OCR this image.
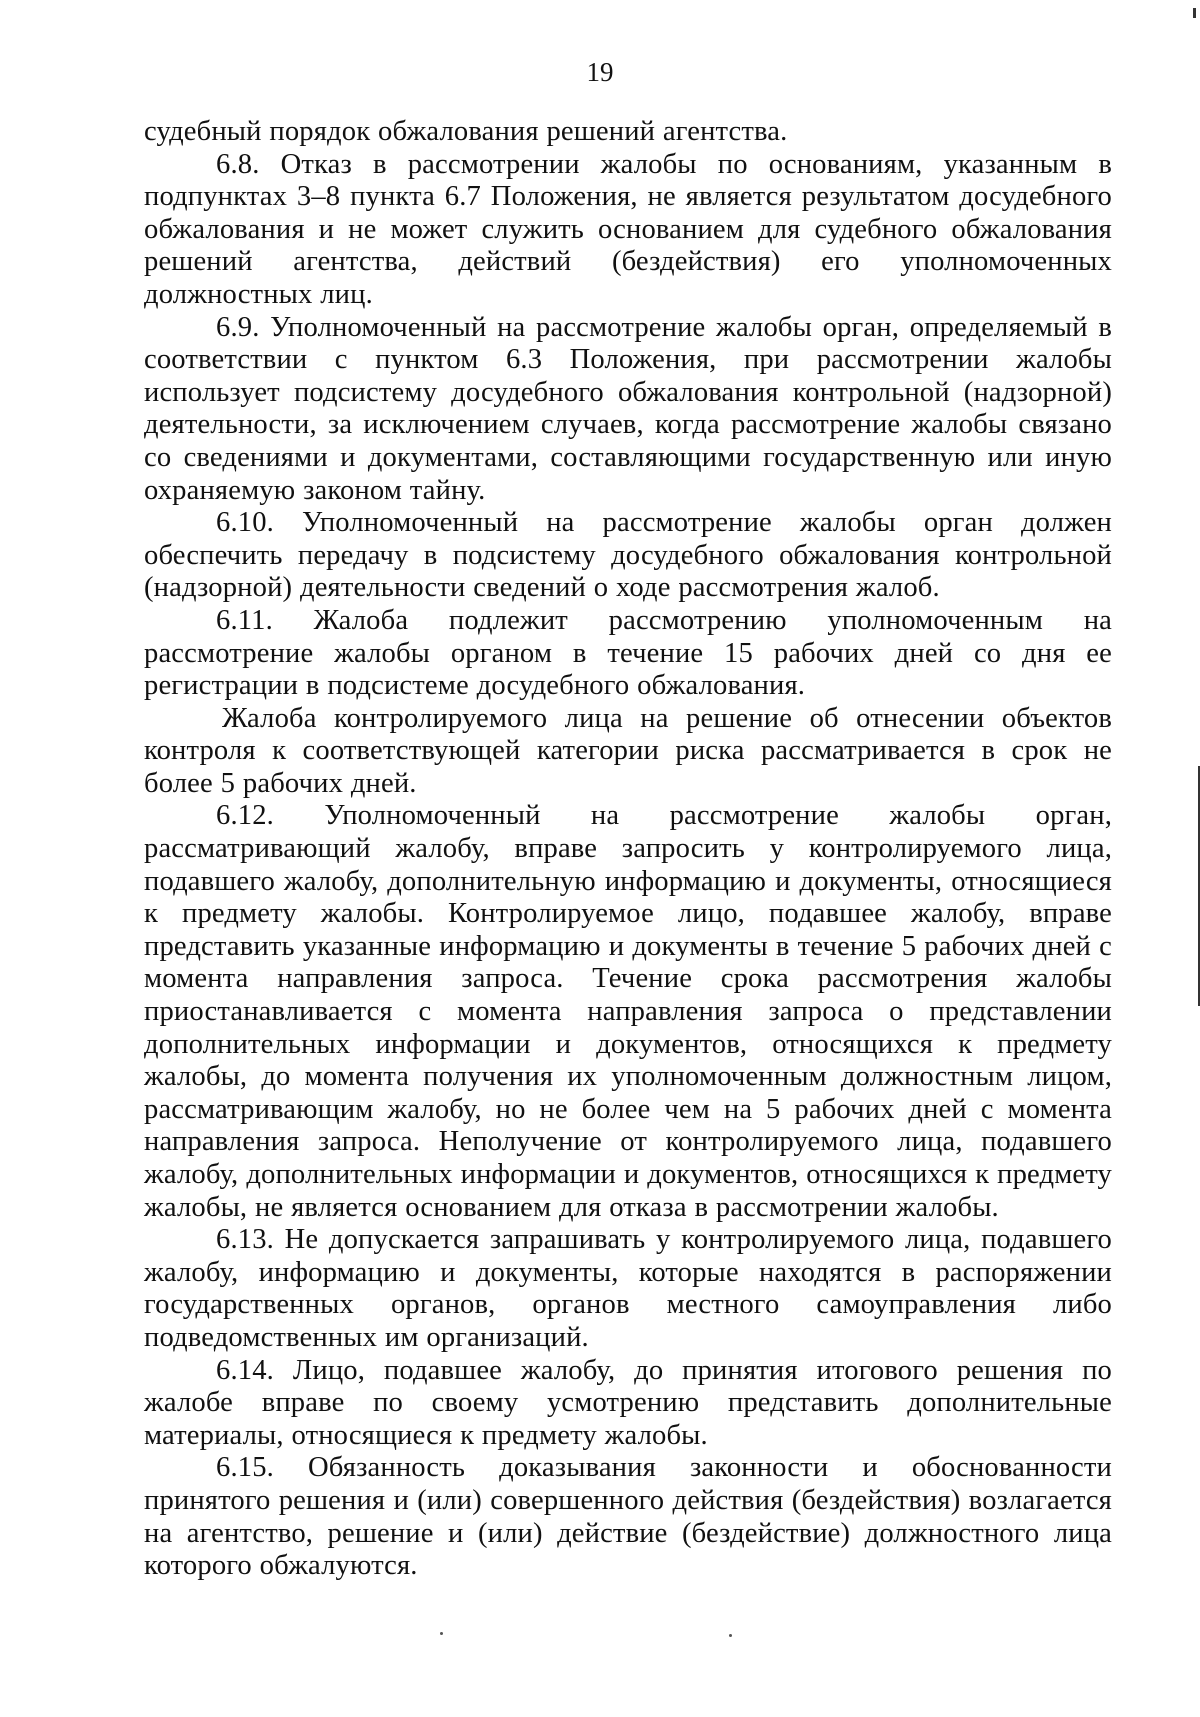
19

судебный порядок обжалования решений агентства.

6.8. Отказ в рассмотрении жалобы по основаниям, указанным в подпунктах 3–8 пункта 6.7 Положения, не является результатом досудебного обжалования и не может служить основанием для судебного обжалования решений агентства, действий (бездействия) его уполномоченных должностных лиц.

6.9. Уполномоченный на рассмотрение жалобы орган, определяемый в соответствии с пунктом 6.3 Положения, при рассмотрении жалобы использует подсистему досудебного обжалования контрольной (надзорной) деятельности, за исключением случаев, когда рассмотрение жалобы связано со сведениями и документами, составляющими государственную или иную охраняемую законом тайну.

6.10. Уполномоченный на рассмотрение жалобы орган должен обеспечить передачу в подсистему досудебного обжалования контрольной (надзорной) деятельности сведений о ходе рассмотрения жалоб.

6.11. Жалоба подлежит рассмотрению уполномоченным на рассмотрение жалобы органом в течение 15 рабочих дней со дня ее регистрации в подсистеме досудебного обжалования.

Жалоба контролируемого лица на решение об отнесении объектов контроля к соответствующей категории риска рассматривается в срок не более 5 рабочих дней.

6.12. Уполномоченный на рассмотрение жалобы орган, рассматривающий жалобу, вправе запросить у контролируемого лица, подавшего жалобу, дополнительную информацию и документы, относящиеся к предмету жалобы. Контролируемое лицо, подавшее жалобу, вправе представить указанные информацию и документы в течение 5 рабочих дней с момента направления запроса. Течение срока рассмотрения жалобы приостанавливается с момента направления запроса о представлении дополнительных информации и документов, относящихся к предмету жалобы, до момента получения их уполномоченным должностным лицом, рассматривающим жалобу, но не более чем на 5 рабочих дней с момента направления запроса. Неполучение от контролируемого лица, подавшего жалобу, дополнительных информации и документов, относящихся к предмету жалобы, не является основанием для отказа в рассмотрении жалобы.

6.13. Не допускается запрашивать у контролируемого лица, подавшего жалобу, информацию и документы, которые находятся в распоряжении государственных органов, органов местного самоуправления либо подведомственных им организаций.

6.14. Лицо, подавшее жалобу, до принятия итогового решения по жалобе вправе по своему усмотрению представить дополнительные материалы, относящиеся к предмету жалобы.

6.15. Обязанность доказывания законности и обоснованности принятого решения и (или) совершенного действия (бездействия) возлагается на агентство, решение и (или) действие (бездействие) должностного лица которого обжалуются.
